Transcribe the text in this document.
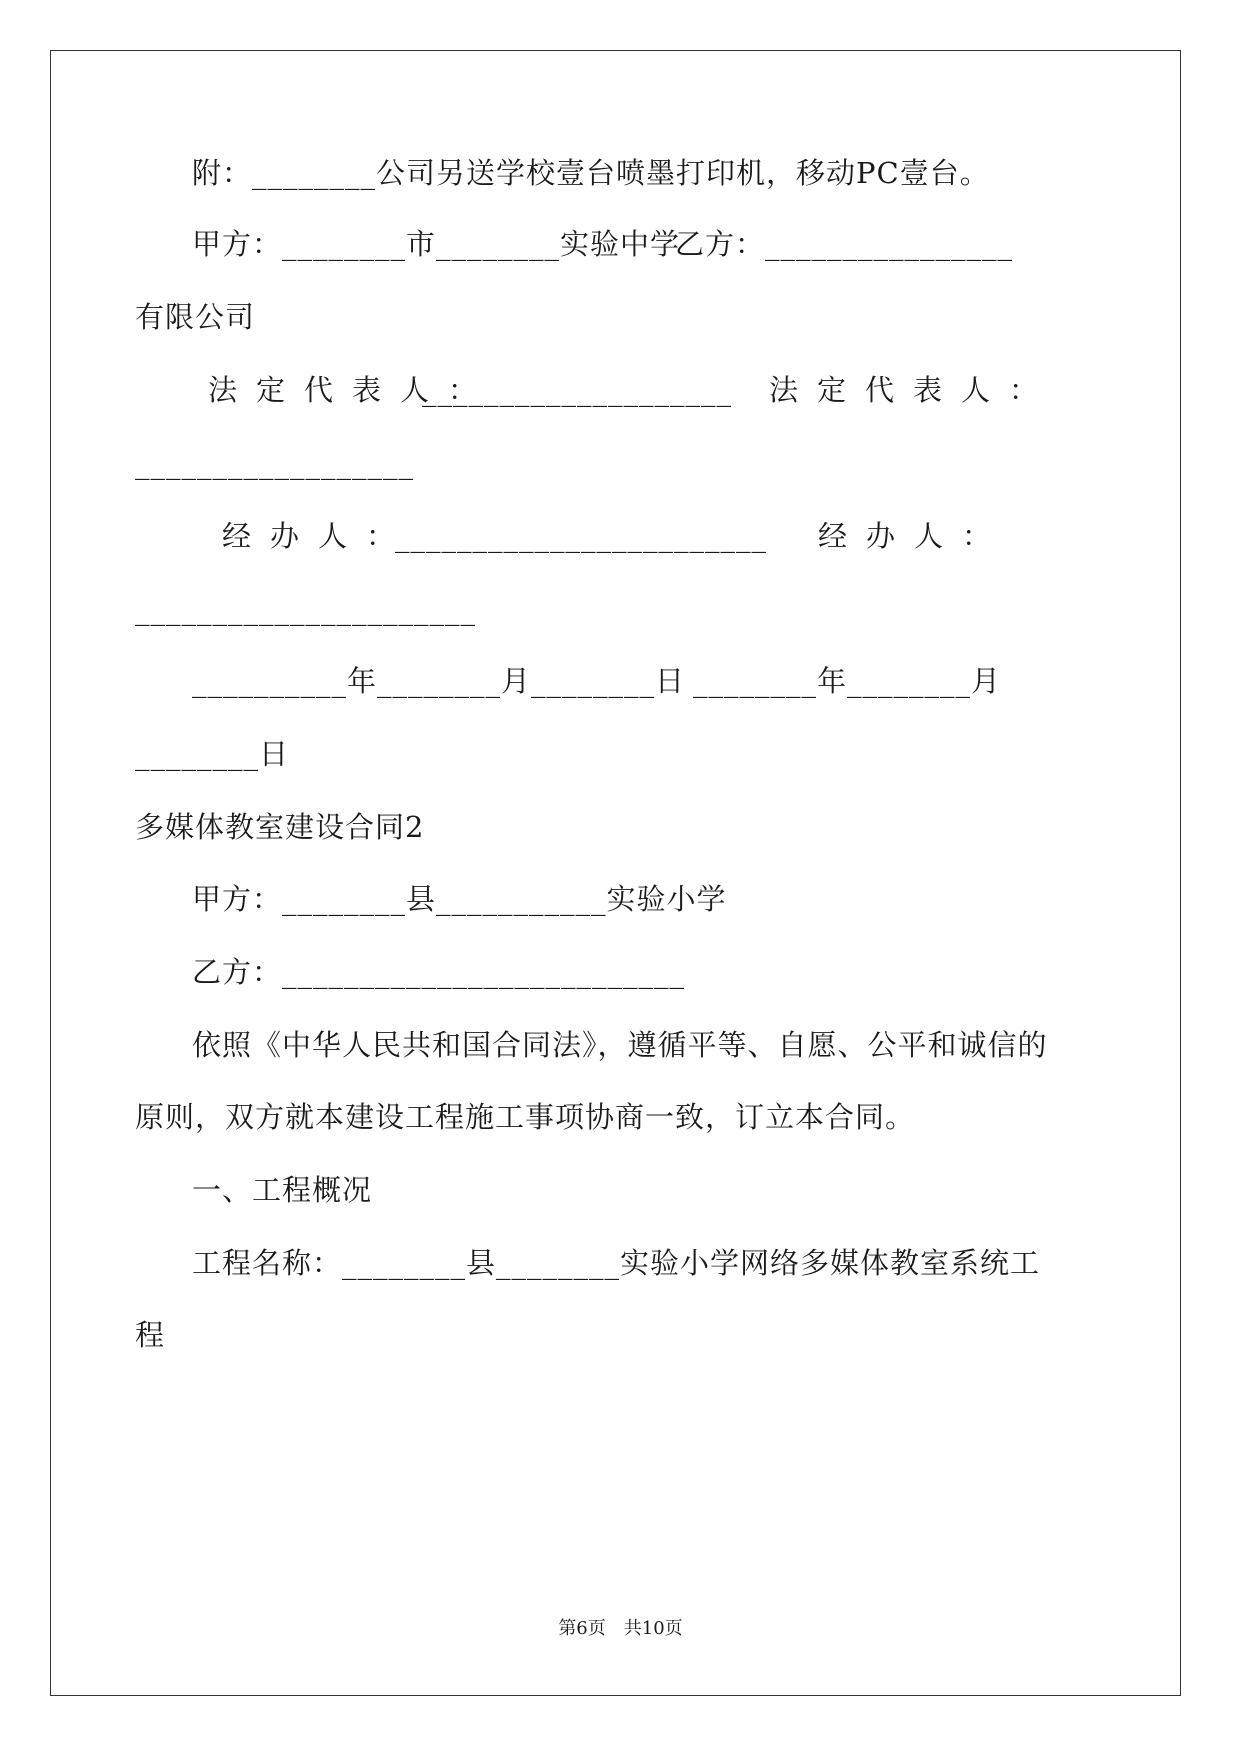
附：________公司另送学校壹台喷墨打印机，移动PC壹台。
甲方：________市________实验中学
乙方：________________
有限公司
法定代表人：
____________________ 法定代表人：
__________________
经办人：
________________________ 经办人：
______________________
__________年________月________日 ________年________月
________日
多媒体教室建设合同2
甲方：________县___________实验小学
乙方：__________________________
依照《中华人民共和国合同法》，遵循平等、自愿、公平和诚信的
原则，双方就本建设工程施工事项协商一致，订立本合同。
一、工程概况
工程名称：________县________实验小学网络多媒体教室系统工
程
第6页　共10页
